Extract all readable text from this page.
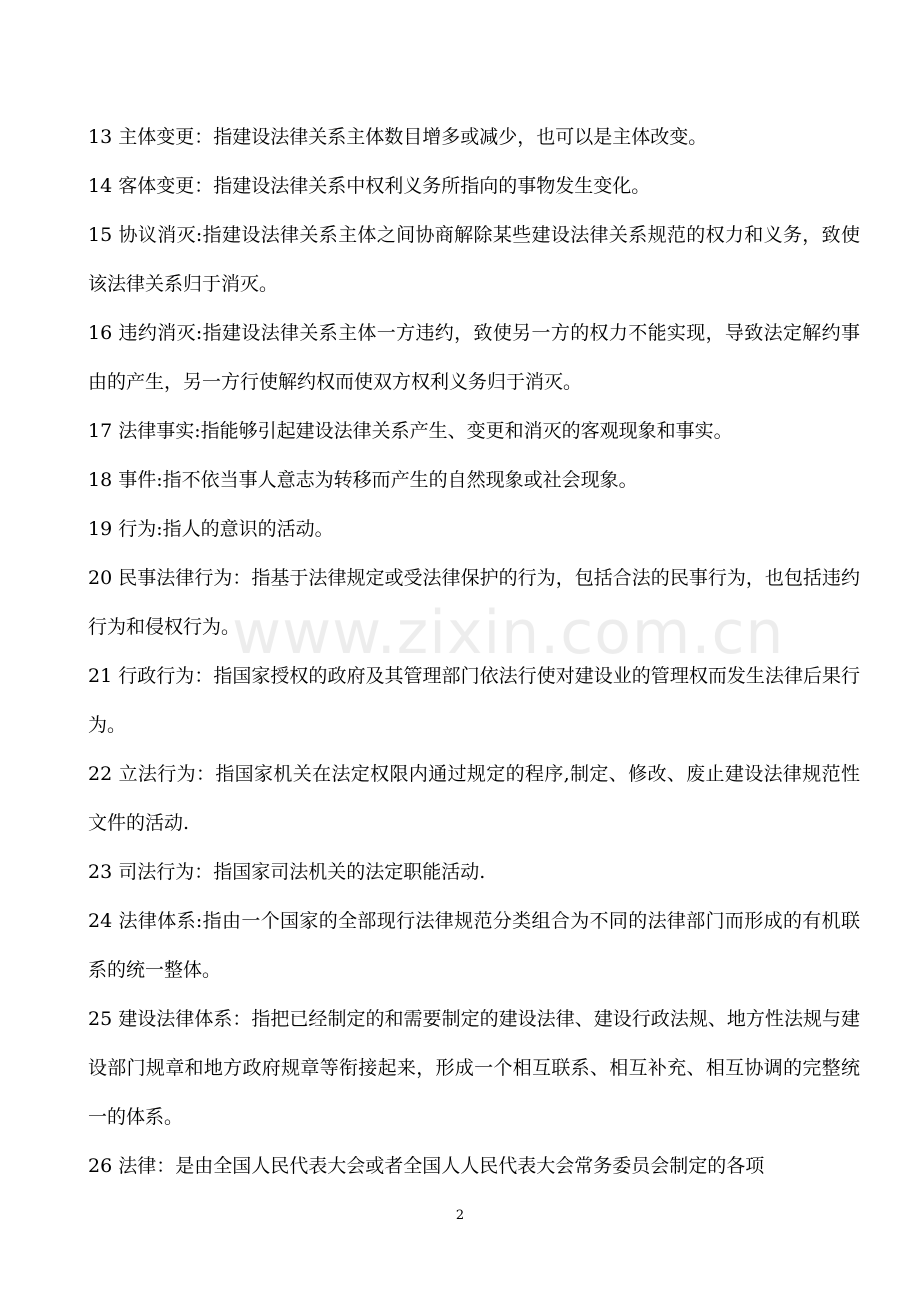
www.zixin.com.cn

13 主体变更：指建设法律关系主体数目增多或减少，也可以是主体改变。

14 客体变更：指建设法律关系中权利义务所指向的事物发生变化。

15 协议消灭:指建设法律关系主体之间协商解除某些建设法律关系规范的权力和义务，致使该法律关系归于消灭。

16 违约消灭:指建设法律关系主体一方违约，致使另一方的权力不能实现，导致法定解约事由的产生，另一方行使解约权而使双方权利义务归于消灭。

17 法律事实:指能够引起建设法律关系产生、变更和消灭的客观现象和事实。

18 事件:指不依当事人意志为转移而产生的自然现象或社会现象。

19 行为:指人的意识的活动。

20 民事法律行为：指基于法律规定或受法律保护的行为，包括合法的民事行为，也包括违约行为和侵权行为。

21 行政行为：指国家授权的政府及其管理部门依法行使对建设业的管理权而发生法律后果行为。

22 立法行为：指国家机关在法定权限内通过规定的程序,制定、修改、废止建设法律规范性文件的活动.

23 司法行为：指国家司法机关的法定职能活动.

24 法律体系:指由一个国家的全部现行法律规范分类组合为不同的法律部门而形成的有机联系的统一整体。

25 建设法律体系：指把已经制定的和需要制定的建设法律、建设行政法规、地方性法规与建设部门规章和地方政府规章等衔接起来，形成一个相互联系、相互补充、相互协调的完整统一的体系。

26 法律：是由全国人民代表大会或者全国人人民代表大会常务委员会制定的各项

2
